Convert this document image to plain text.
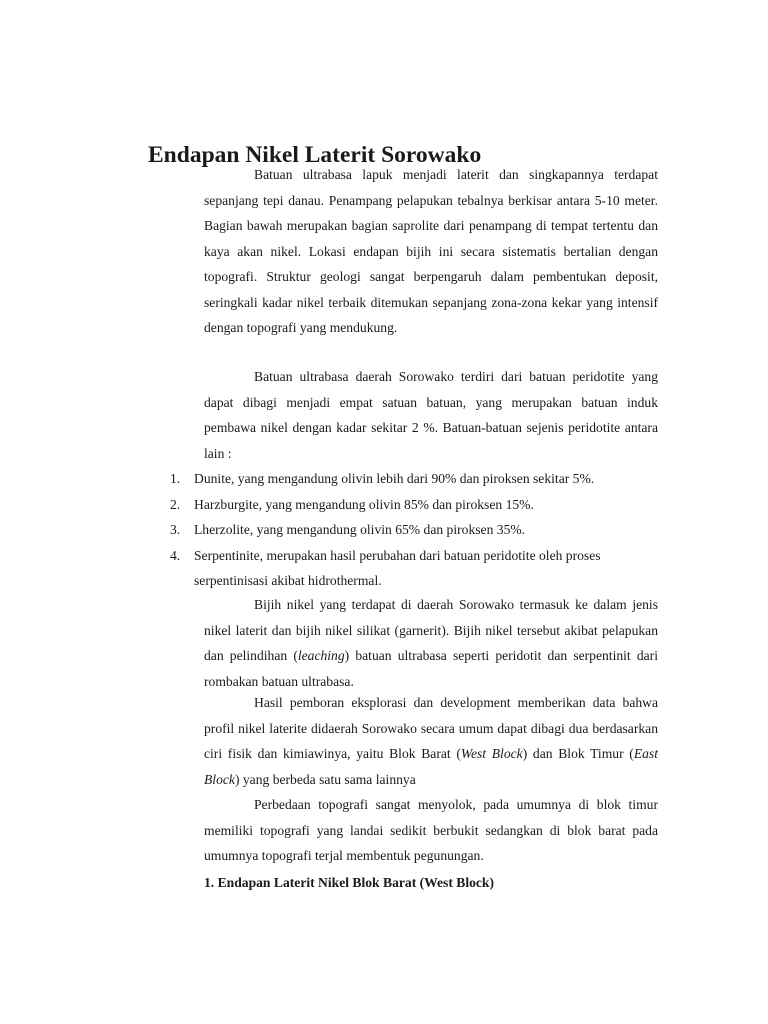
Endapan Nikel Laterit Sorowako

Batuan ultrabasa lapuk menjadi laterit dan singkapannya terdapat sepanjang tepi danau. Penampang pelapukan tebalnya berkisar antara 5-10 meter. Bagian bawah merupakan bagian saprolite dari penampang di tempat tertentu dan kaya akan nikel. Lokasi endapan bijih ini secara sistematis bertalian dengan topografi. Struktur geologi sangat berpengaruh dalam pembentukan deposit, seringkali kadar nikel terbaik ditemukan sepanjang zona-zona kekar yang intensif dengan topografi yang mendukung.

Batuan ultrabasa daerah Sorowako terdiri dari batuan peridotite yang dapat dibagi menjadi empat satuan batuan, yang merupakan batuan induk pembawa nikel dengan kadar sekitar 2 %. Batuan-batuan sejenis peridotite antara lain :

1. Dunite, yang mengandung olivin lebih dari 90% dan piroksen sekitar 5%.
2. Harzburgite, yang mengandung olivin 85% dan piroksen 15%.
3. Lherzolite, yang mengandung olivin 65% dan piroksen 35%.
4. Serpentinite, merupakan hasil perubahan dari batuan peridotite oleh proses serpentinisasi akibat hidrothermal.

Bijih nikel yang terdapat di daerah Sorowako termasuk ke dalam jenis nikel laterit dan bijih nikel silikat (garnerit). Bijih nikel tersebut akibat pelapukan dan pelindihan (leaching) batuan ultrabasa seperti peridotit dan serpentinit dari rombakan batuan ultrabasa.

Hasil pemboran eksplorasi dan development memberikan data bahwa profil nikel laterite didaerah Sorowako secara umum dapat dibagi dua berdasarkan ciri fisik dan kimiawinya, yaitu Blok Barat (West Block) dan Blok Timur (East Block) yang berbeda satu sama lainnya

Perbedaan topografi sangat menyolok, pada umumnya di blok timur memiliki topografi yang landai sedikit berbukit sedangkan di blok barat pada umumnya topografi terjal membentuk pegunungan.

1. Endapan Laterit Nikel Blok Barat (West Block)
